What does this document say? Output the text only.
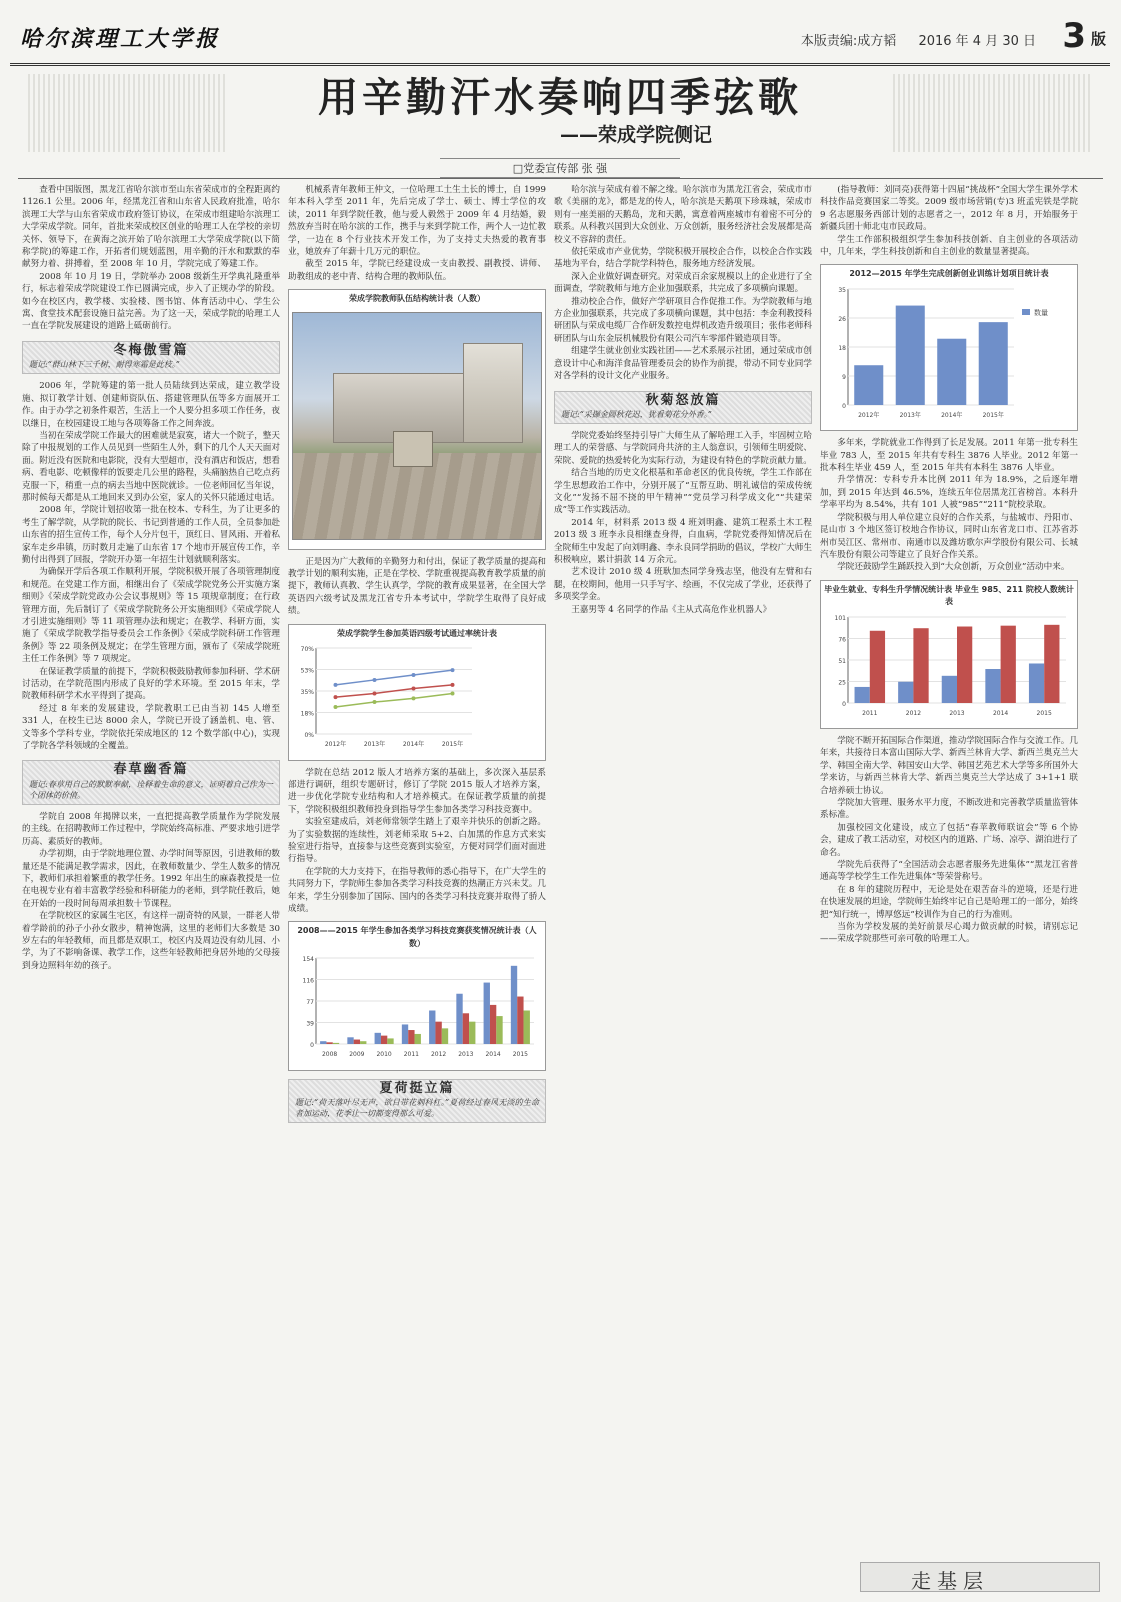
哈尔滨理工大学报	本版责编:成方韬 2016 年 4 月 30 日 3 版
用辛勤汗水奏响四季弦歌
——荣成学院侧记
□党委宣传部 张 强

查看中国版图，黑龙江省哈尔滨市至山东省荣成市的全程距离约 1126.1 公里。2006 年，经黑龙江省和山东省人民政府批准，哈尔滨理工大学与山东省荣成市政府签订协议，在荣成市组建哈尔滨理工大学荣成学院。同年，首批来荣成校区创业的哈理工人在学校的亲切关怀、领导下，在黄海之滨开始了哈尔滨理工大学荣成学院(以下简称学院)的筹建工作，开拓者们规划蓝图，用辛勤的汗水和默默的奉献努力着、拼搏着，至 2008 年 10 月，学院完成了筹建工作。

2008 年 10 月 19 日，学院举办 2008 级新生开学典礼隆重举行，标志着荣成学院建设工作已圆满完成，步入了正规办学的阶段。如今在校区内，教学楼、实验楼、图书馆、体育活动中心、学生公寓、食堂技术配套设施日益完善。为了这一天，荣成学院的哈理工人一直在学院发展建设的道路上砥砺前行。

冬梅傲雪篇
题记:“群山林下三千树，耐得寒霜是此枝。”

2006 年，学院筹建的第一批人员陆续到达荣成，建立教学设施、拟订教学计划、创建师资队伍、搭建管理队伍等多方面展开工作。由于办学之初条件艰苦，生活上一个人要分担多项工作任务，夜以继日，在校园建设工地与各项筹备工作之间奔波。

当初在荣成学院工作最大的困难就是寂寞，诸大一个院子，整天除了申报规划的工作人员见到一些陌生人外，剩下的几个人天天面对面。附近没有医院和电影院，没有大型超市，没有酒店和饭店，想看病、看电影、吃顿像样的饭要走几公里的路程，头痛脑热自己吃点药克服一下，稍重一点的病去当地中医院就诊。一位老师回忆当年说，那时候每天都是从工地回来又到办公室，家人的关怀只能通过电话。

2008 年，学院计划招收第一批在校本、专科生，为了让更多的考生了解学院，从学院的院长、书记到普通的工作人员，全员参加赴山东省的招生宣传工作，每个人分片包干，顶红日、冒风雨、开着私家车走乡串镇，历时数月走遍了山东省 17 个地市开展宣传工作，辛勤付出得到了回报，学院开办第一年招生计划就顺利落实。

为确保开学后各项工作顺利开展，学院积极开展了各项管理制度和规范。在党建工作方面，相继出台了《荣成学院党务公开实施方案细则》《荣成学院党政办公会议事规则》等 15 项规章制度；在行政管理方面，先后制订了《荣成学院院务公开实施细则》《荣成学院人才引进实施细则》等 11 项管理办法和规定；在教学、科研方面，实施了《荣成学院教学指导委员会工作条例》《荣成学院科研工作管理条例》等 22 项条例及规定；在学生管理方面，颁布了《荣成学院班主任工作条例》等 7 项规定。

在保证教学质量的前提下，学院积极鼓励教师参加科研、学术研讨活动，在学院范围内形成了良好的学术环境。至 2015 年末，学院教师科研学术水平得到了提高。

经过 8 年来的发展建设，学院教职工已由当初 145 人增至 331 人，在校生已达 8000 余人，学院已开设了涵盖机、电、管、文等多个学科专业，学院依托荣成地区的 12 个数学部(中心)，实现了学院各学科领域的全覆盖。

春草幽香篇
题记:春草用自己的默默奉献，诠释着生命的意义，证明着自己作为一个团体的价值。

学院自 2008 年揭牌以来，一直把提高教学质量作为学院发展的主线。在招聘教师工作过程中，学院始终高标准、严要求地引进学历高、素质好的教师。

办学初期，由于学院地理位置、办学时间等原因，引进教师的数量还是不能满足教学需求，因此，在教师数量少、学生人数多的情况下，教师们承担着繁重的教学任务。1992 年出生的麻森教授是一位在电视专业有着丰富教学经验和科研能力的老师，到学院任教后，她在开始的一段时间每周承担数十节课程。

在学院校区的家属生宅区，有这样一副奇特的风景，一群老人带着学龄前的孙子小孙女散步，精神饱满，这里的老师们大多数是 30 岁左右的年轻教师，而且都是双职工，校区内及周边没有幼儿园、小学，为了不影响备课、教学工作，这些年轻教师把身居外地的父母接到身边照料年幼的孩子。

机械系青年教师王仲文，一位哈理工土生土长的博士，自 1999 年本科入学至 2011 年，先后完成了学士、硕士、博士学位的攻读，2011 年到学院任教，他与爱人毅然于 2009 年 4 月结婚，毅然放弃当时在哈尔滨的工作，携手与来到学院工作，两个人一边忙教学，一边在 8 个行业技术开发工作，为了支持丈夫热爱的教育事业，她放弃了年薪十几万元的职位。

截至 2015 年，学院已经建设成一支由教授、副教授、讲师、助教组成的老中青、结构合理的教师队伍。

荣成学院教师队伍结构统计表（人数）

正是因为广大教师的辛勤努力和付出，保证了教学质量的提高和教学计划的顺利实施，正是在学校、学院重视提高教育教学质量的前提下，教师认真教、学生认真学，学院的教育成果显著，在全国大学英语四六级考试及黑龙江省专升本考试中，学院学生取得了良好成绩。

荣成学院学生参加英语四级考试通过率统计表
0%
18%
35%
53%
70%
2012年	2013年	2014年	2015年

学院在总结 2012 版人才培养方案的基础上，多次深入基层系部进行调研，组织专题研讨，修订了学院 2015 版人才培养方案，进一步优化学院专业结构和人才培养模式。在保证教学质量的前提下，学院积极组织教师投身到指导学生参加各类学习科技竞赛中。

实验室建成后，刘老师常领学生踏上了艰辛并快乐的创新之路。为了实验数据的连续性，刘老师采取 5+2、白加黑的作息方式来实验室进行指导，直接参与这些竞赛到实验室，方便对同学们面对面进行指导。

在学院的大力支持下，在指导教师的悉心指导下，在广大学生的共同努力下，学院师生参加各类学习科技竞赛的热潮正方兴未艾。几年来，学生分别参加了国际、国内的各类学习科技竞赛并取得了骄人成绩。

2008——2015 年学生参加各类学习科技竞赛获奖情况统计表（人数）
0
39
77
116
154
2008 2009 2010 2011 2012 2013 2014 2015
夏荷挺立篇
题记:“荷天落叶尽无声，欲目带花刺科杠。”夏荷经过春风无淡的生命者加运动，花季让一切都变得那么可爱。

哈尔滨与荣成有着不解之缘。哈尔滨市为黑龙江省会，荣成市市歌《美丽的龙》，都是龙的传人，哈尔滨是天鹅项下珍珠城，荣成市则有一座美丽的天鹅岛，龙和天鹅，寓意着两座城市有着密不可分的联系。从科教兴国到大众创业、万众创新，服务经济社会发展都是高校义不容辞的责任。

依托荣成市产业优势，学院积极开展校企合作，以校企合作实践基地为平台，结合学院学科特色，服务地方经济发展。

深入企业做好调查研究。对荣成百余家规模以上的企业进行了全面调查，学院教师与地方企业加强联系，共完成了多项横向课题。

推动校企合作，做好产学研项目合作促推工作。为学院教师与地方企业加强联系，共完成了多项横向课题，其中包括：李金利教授科研团队与荣成电缆厂合作研发数控电焊机改造升级项目；张伟老师科研团队与山东金辰机械股份有限公司汽车零部件锻造项目等。

组建学生就业创业实践社团——艺术系展示社团，通过荣成市创意设计中心和海洋食品管理委员会的协作为前提，带动不同专业同学对各学科的设计文化产业服务。

秋菊怒放篇
题记:“采撷金圆秋花迟，犹看菊花分外香。”

学院党委始终坚持引导广大师生从了解哈理工入手，牢固树立哈理工人的荣誉感、与学院同舟共济的主人翁意识，引领师生明爱院、荣院、爱院的热爱转化为实际行动，为建设有特色的学院贡献力量。

结合当地的历史文化根基和革命老区的优良传统，学生工作部在学生思想政治工作中，分别开展了“互帮互助、明礼诚信的荣成传统文化”“发扬不屈不挠的甲午精神”“党员学习科学成文化”“共建荣成”等工作实践活动。

2014 年，材料系 2013 级 4 班刘明鑫、建筑工程系土木工程 2013 级 3 班李永良相继查身得，白血病，学院党委得知情况后在全院师生中发起了向刘明鑫、李永良同学捐助的倡议，学校广大师生积极响应，累计捐款 14 万余元。

艺术设计 2010 级 4 班耿加杰同学身残志坚，他没有左臂和右腿，在校期间，他用一只手写字、绘画，不仅完成了学业，还获得了多项奖学金。

王嘉男等 4 名同学的作品《主从式高危作业机器人》

(指导教师：刘同亮)获得第十四届“挑战杯”全国大学生课外学术科技作品竞赛国家二等奖。2009 级市场营销(专)3 班孟宪铁是学院 9 名志愿服务西部计划的志愿者之一，2012 年 8 月，开始服务于新疆兵团十师北屯市民政局。

学生工作部积极组织学生参加科技创新、自主创业的各项活动中，几年来，学生科技创新和自主创业的数量显著提高。

2012—2015 年学生完成创新创业训练计划项目统计表
0
9
18
26
35
2012年	2013年	2014年	2015年
数量

多年来，学院就业工作得到了长足发展。2011 年第一批专科生毕业 783 人，至 2015 年共有专科生 3876 人毕业。2012 年第一批本科生毕业 459 人，至 2015 年共有本科生 3876 人毕业。

升学情况：专科专升本比例 2011 年为 18.9%，之后逐年增加，到 2015 年达到 46.5%，连续五年位居黑龙江省榜首。本科升学率平均为 8.54%，共有 101 人被“985”“211”院校录取。

学院积极与用人单位建立良好的合作关系，与盐城市、丹阳市、昆山市 3 个地区签订校地合作协议，同时山东省龙口市、江苏省苏州市吴江区、常州市、南通市以及潍坊歌尔声学股份有限公司、长城汽车股份有限公司等建立了良好合作关系。

学院还鼓励学生踊跃投入到“大众创新，万众创业”活动中来。

毕业生就业、专科生升学情况统计表 毕业生 985、211 院校人数统计表
0
25
51
76
101
2011	2012	2013	2014	2015

学院不断开拓国际合作渠道，推动学院国际合作与交流工作。几年来，共接待日本富山国际大学、新西兰林肯大学、新西兰奥克兰大学、韩国全南大学、韩国安山大学、韩国艺苑艺术大学等多所国外大学来访，与新西兰林肯大学、新西兰奥克兰大学达成了 3+1+1 联合培养硕士协议。

学院加大管理、服务水平力度，不断改进和完善教学质量监管体系标准。

加强校园文化建设，成立了包括“春苹教师联谊会”等 6 个协会，建成了教工活动室，对校区内的道路、广场、凉亭、湖泊进行了命名。

学院先后获得了“全国活动会志愿者服务先进集体”“黑龙江省普通高等学校学生工作先进集体”等荣誉称号。

在 8 年的建院历程中，无论是处在艰苦奋斗的逆境，还是行进在快速发展的坦途，学院师生始终牢记自己是哈理工的一部分，始终把“知行统一，博厚悠远”校训作为自己的行为准则。

当你为学校发展的美好前景尽心竭力做贡献的时候，请别忘记——荣成学院那些可亲可敬的哈理工人。

走基层
